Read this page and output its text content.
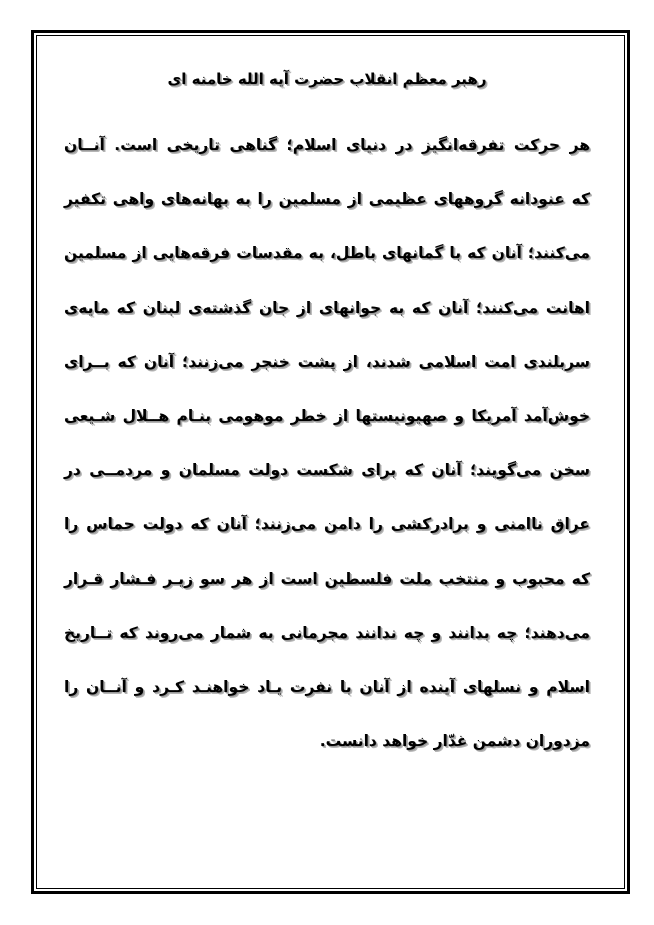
رهبر معظم انقلاب حضرت آیه الله خامنه ای
هر حرکت تفرقه‌انگیز در دنیای اسلام؛ گناهی تاریخی است. آنــان
که عنودانه گروههای عظیمی از مسلمین را به بهانه‌های واهی تکفیر
می‌کنند؛ آنان که با گمانهای باطل، به مقدسات فرقه‌هایی از مسلمین
اهانت می‌کنند؛ آنان که به جوانهای از جان گذشته‌ی لبنان که مایه‌ی
سربلندی امت اسلامی شدند، از پشت خنجر می‌زنند؛ آنان که بــرای
خوش‌آمد آمریکا و صهیونیستها از خطر موهومی بنـام هــلال شـیعی
سخن می‌گویند؛ آنان که برای شکست دولت مسلمان و مردمــی در
عراق ناامنی و برادرکشی را دامن می‌زنند؛ آنان که دولت حماس را
که محبوب و منتخب ملت فلسطین است از هر سو زیـر فـشار قـرار
می‌دهند؛ چه بدانند و چه ندانند مجرمانی به شمار می‌روند که تــاریخ
اسلام و نسلهای آینده از آنان با نفرت یـاد خواهنـد کـرد و آنــان را
مزدوران دشمن غدّار خواهد دانست.
